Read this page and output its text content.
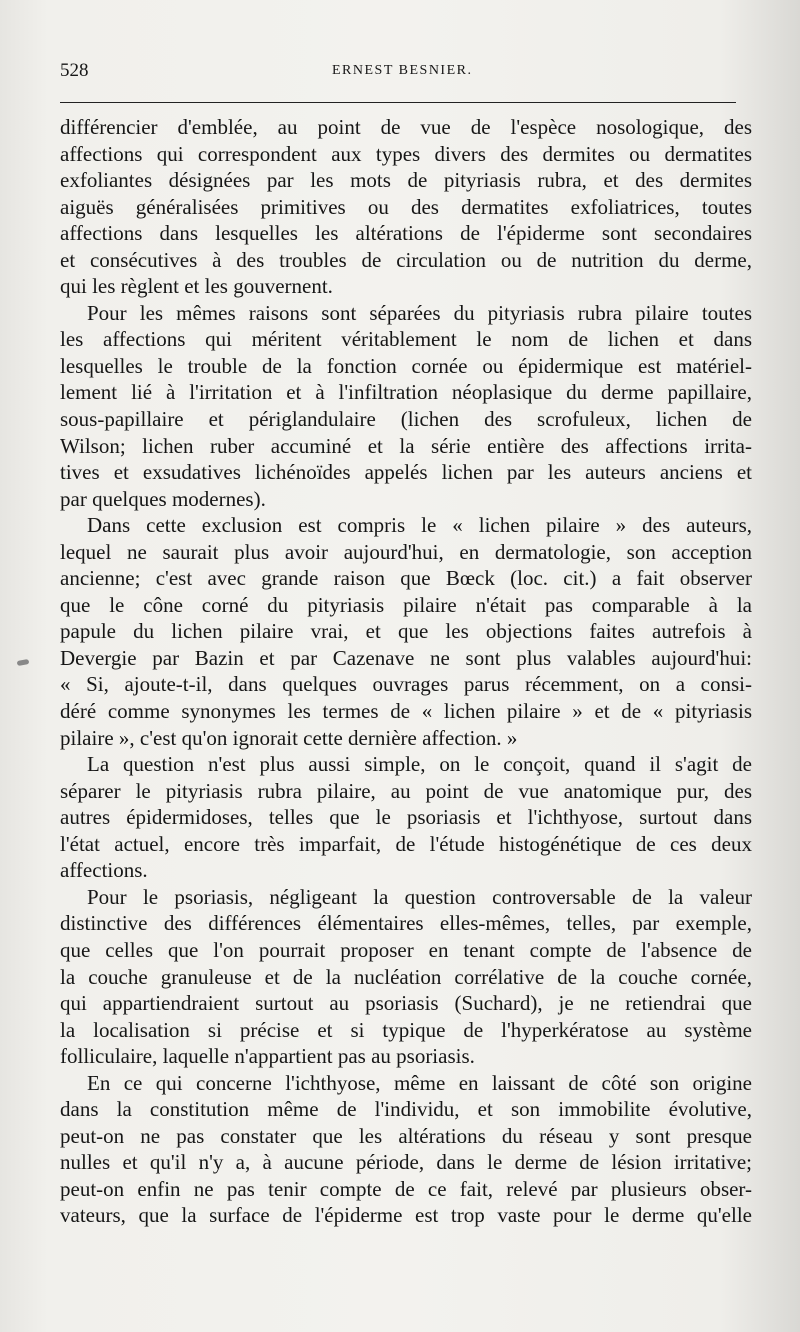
528	ERNEST BESNIER.
différencier d'emblée, au point de vue de l'espèce nosologique, des
affections qui correspondent aux types divers des dermites ou dermatites
exfoliantes désignées par les mots de pityriasis rubra, et des dermites
aiguës généralisées primitives ou des dermatites exfoliatrices, toutes
affections dans lesquelles les altérations de l'épiderme sont secondaires
et consécutives à des troubles de circulation ou de nutrition du derme,
qui les règlent et les gouvernent.
Pour les mêmes raisons sont séparées du pityriasis rubra pilaire toutes
les affections qui méritent véritablement le nom de lichen et dans
lesquelles le trouble de la fonction cornée ou épidermique est matériel-
lement lié à l'irritation et à l'infiltration néoplasique du derme papillaire,
sous-papillaire et périglandulaire (lichen des scrofuleux, lichen de
Wilson; lichen ruber accuminé et la série entière des affections irrita-
tives et exsudatives lichénoïdes appelés lichen par les auteurs anciens et
par quelques modernes).
Dans cette exclusion est compris le « lichen pilaire » des auteurs,
lequel ne saurait plus avoir aujourd'hui, en dermatologie, son acception
ancienne; c'est avec grande raison que Bœck (loc. cit.) a fait observer
que le cône corné du pityriasis pilaire n'était pas comparable à la
papule du lichen pilaire vrai, et que les objections faites autrefois à
Devergie par Bazin et par Cazenave ne sont plus valables aujourd'hui:
« Si, ajoute-t-il, dans quelques ouvrages parus récemment, on a consi-
déré comme synonymes les termes de « lichen pilaire » et de « pityriasis
pilaire », c'est qu'on ignorait cette dernière affection. »
La question n'est plus aussi simple, on le conçoit, quand il s'agit de
séparer le pityriasis rubra pilaire, au point de vue anatomique pur, des
autres épidermidoses, telles que le psoriasis et l'ichthyose, surtout dans
l'état actuel, encore très imparfait, de l'étude histogénétique de ces deux
affections.
Pour le psoriasis, négligeant la question controversable de la valeur
distinctive des différences élémentaires elles-mêmes, telles, par exemple,
que celles que l'on pourrait proposer en tenant compte de l'absence de
la couche granuleuse et de la nucléation corrélative de la couche cornée,
qui appartiendraient surtout au psoriasis (Suchard), je ne retiendrai que
la localisation si précise et si typique de l'hyperkératose au système
folliculaire, laquelle n'appartient pas au psoriasis.
En ce qui concerne l'ichthyose, même en laissant de côté son origine
dans la constitution même de l'individu, et son immobilite évolutive,
peut-on ne pas constater que les altérations du réseau y sont presque
nulles et qu'il n'y a, à aucune période, dans le derme de lésion irritative;
peut-on enfin ne pas tenir compte de ce fait, relevé par plusieurs obser-
vateurs, que la surface de l'épiderme est trop vaste pour le derme qu'elle
